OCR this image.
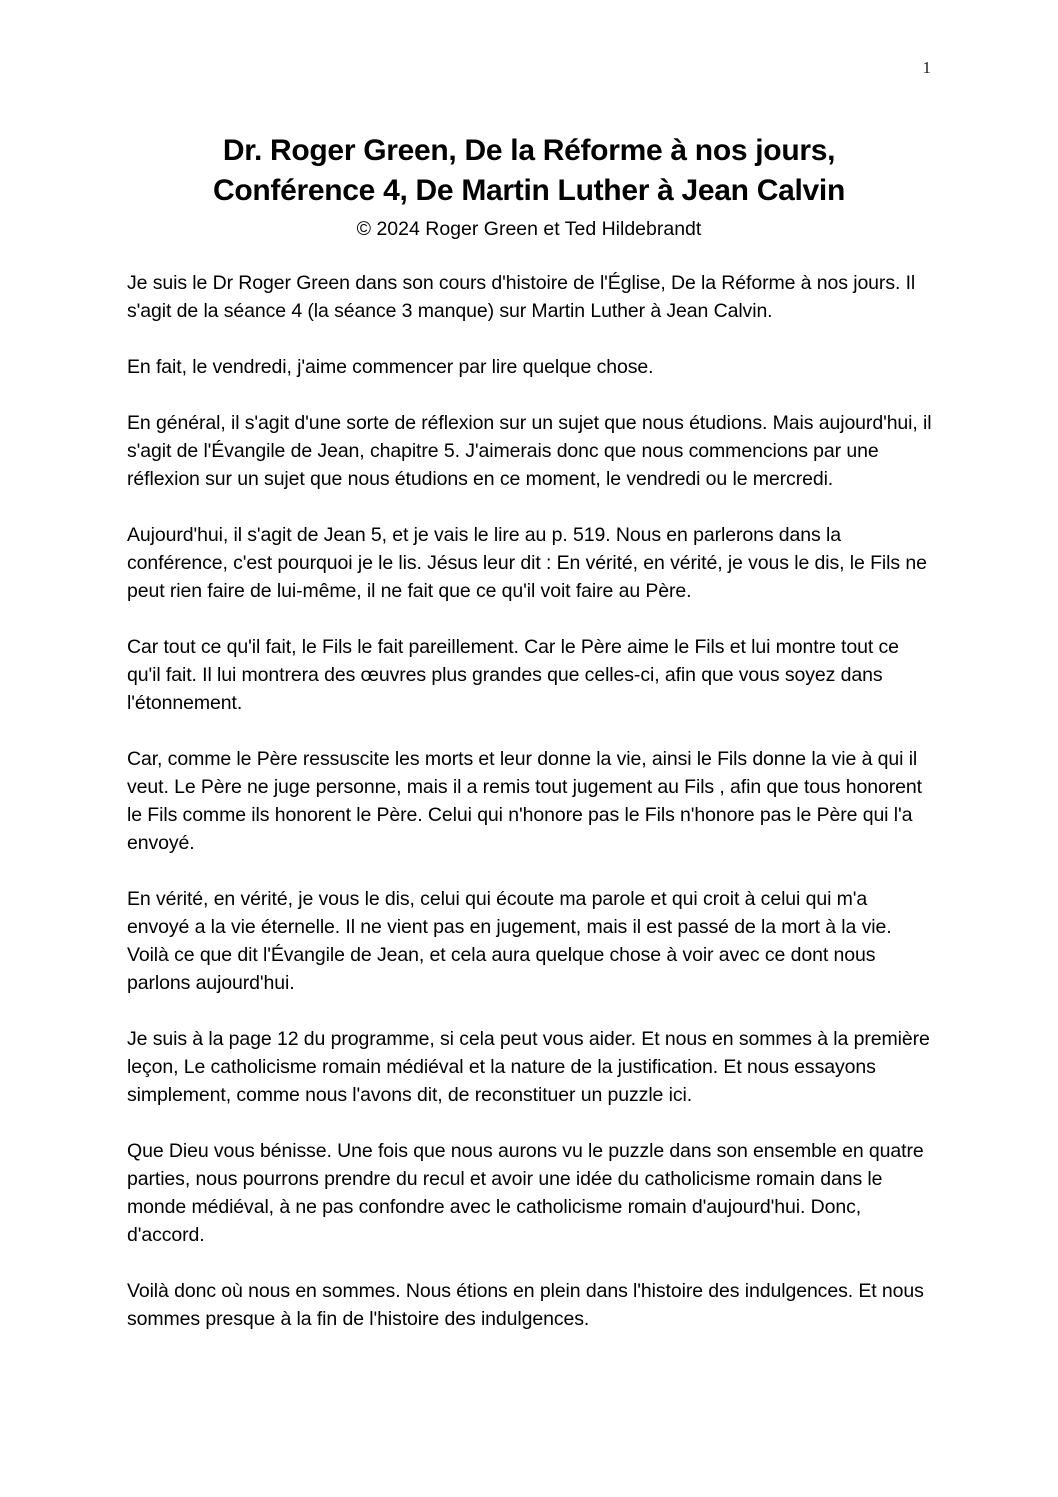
1
Dr. Roger Green, De la Réforme à nos jours,
Conférence 4, De Martin Luther à Jean Calvin
© 2024 Roger Green et Ted Hildebrandt

Je suis le Dr Roger Green dans son cours d'histoire de l'Église, De la Réforme à nos jours. Il s'agit de la séance 4 (la séance 3 manque) sur Martin Luther à Jean Calvin.

En fait, le vendredi, j'aime commencer par lire quelque chose.

En général, il s'agit d'une sorte de réflexion sur un sujet que nous étudions. Mais aujourd'hui, il s'agit de l'Évangile de Jean, chapitre 5. J'aimerais donc que nous commencions par une réflexion sur un sujet que nous étudions en ce moment, le vendredi ou le mercredi.

Aujourd'hui, il s'agit de Jean 5, et je vais le lire au p. 519. Nous en parlerons dans la conférence, c'est pourquoi je le lis. Jésus leur dit : En vérité, en vérité, je vous le dis, le Fils ne peut rien faire de lui-même, il ne fait que ce qu'il voit faire au Père.

Car tout ce qu'il fait, le Fils le fait pareillement. Car le Père aime le Fils et lui montre tout ce qu'il fait. Il lui montrera des œuvres plus grandes que celles-ci, afin que vous soyez dans l'étonnement.

Car, comme le Père ressuscite les morts et leur donne la vie, ainsi le Fils donne la vie à qui il veut. Le Père ne juge personne, mais il a remis tout jugement au Fils , afin que tous honorent le Fils comme ils honorent le Père. Celui qui n'honore pas le Fils n'honore pas le Père qui l'a envoyé.

En vérité, en vérité, je vous le dis, celui qui écoute ma parole et qui croit à celui qui m'a envoyé a la vie éternelle. Il ne vient pas en jugement, mais il est passé de la mort à la vie. Voilà ce que dit l'Évangile de Jean, et cela aura quelque chose à voir avec ce dont nous parlons aujourd'hui.

Je suis à la page 12 du programme, si cela peut vous aider. Et nous en sommes à la première leçon, Le catholicisme romain médiéval et la nature de la justification. Et nous essayons simplement, comme nous l'avons dit, de reconstituer un puzzle ici.

Que Dieu vous bénisse. Une fois que nous aurons vu le puzzle dans son ensemble en quatre parties, nous pourrons prendre du recul et avoir une idée du catholicisme romain dans le monde médiéval, à ne pas confondre avec le catholicisme romain d'aujourd'hui. Donc, d'accord.

Voilà donc où nous en sommes. Nous étions en plein dans l'histoire des indulgences. Et nous sommes presque à la fin de l'histoire des indulgences.
